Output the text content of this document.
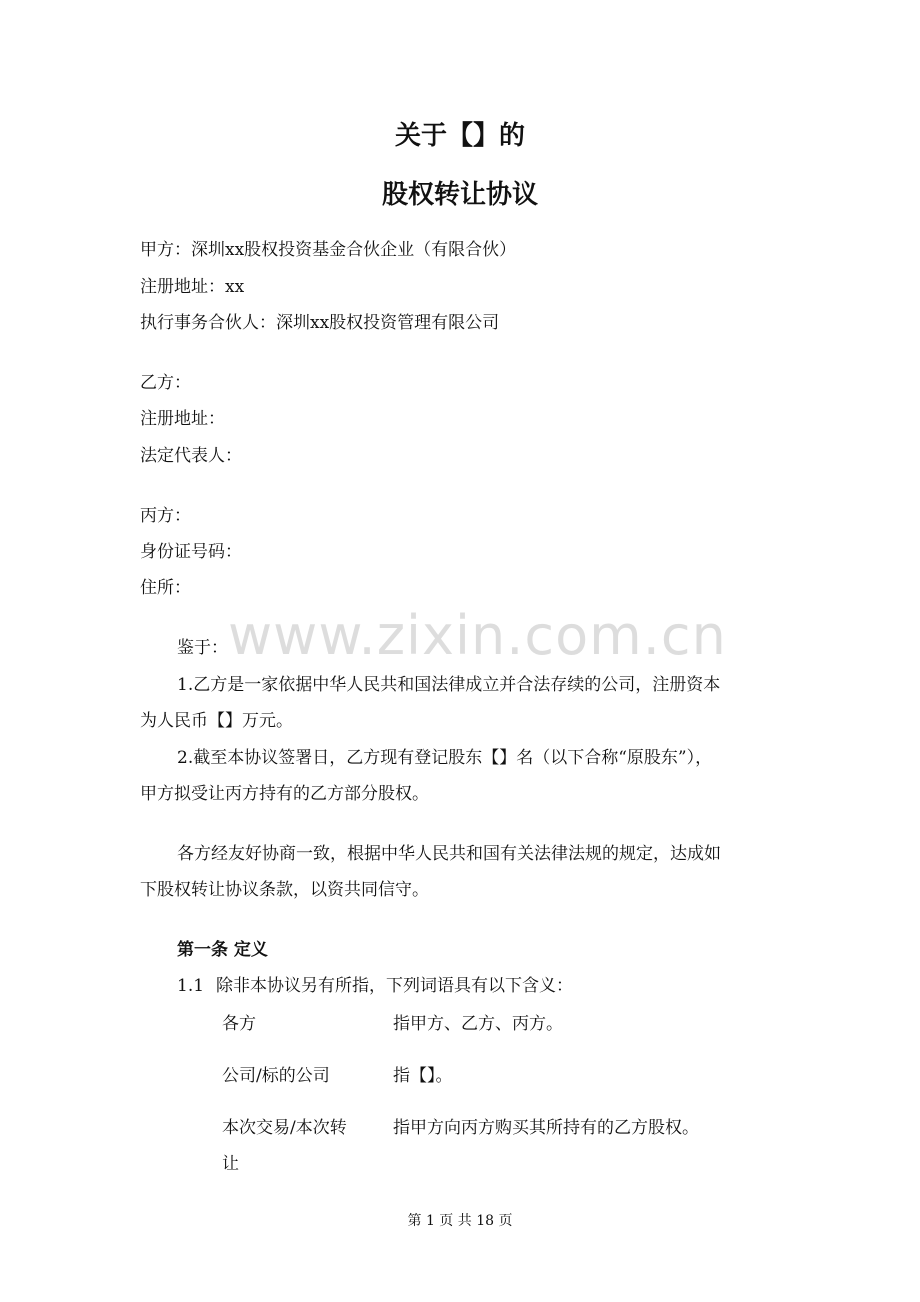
关于【】的
股权转让协议
甲方：深圳xx股权投资基金合伙企业（有限合伙）
注册地址：xx
执行事务合伙人：深圳xx股权投资管理有限公司
乙方：
注册地址：
法定代表人：
丙方：
身份证号码：
住所：
www.zixin.com.cn
鉴于：
1.乙方是一家依据中华人民共和国法律成立并合法存续的公司，注册资本
为人民币【】万元。
2.截至本协议签署日，乙方现有登记股东【】名（以下合称“原股东”），
甲方拟受让丙方持有的乙方部分股权。
各方经友好协商一致，根据中华人民共和国有关法律法规的规定，达成如
下股权转让协议条款，以资共同信守。
第一条 定义
1.1 除非本协议另有所指，下列词语具有以下含义：
各方	指甲方、乙方、丙方。
公司/标的公司	指【】。
本次交易/本次转
让
指甲方向丙方购买其所持有的乙方股权。
第 1 页 共 18 页
